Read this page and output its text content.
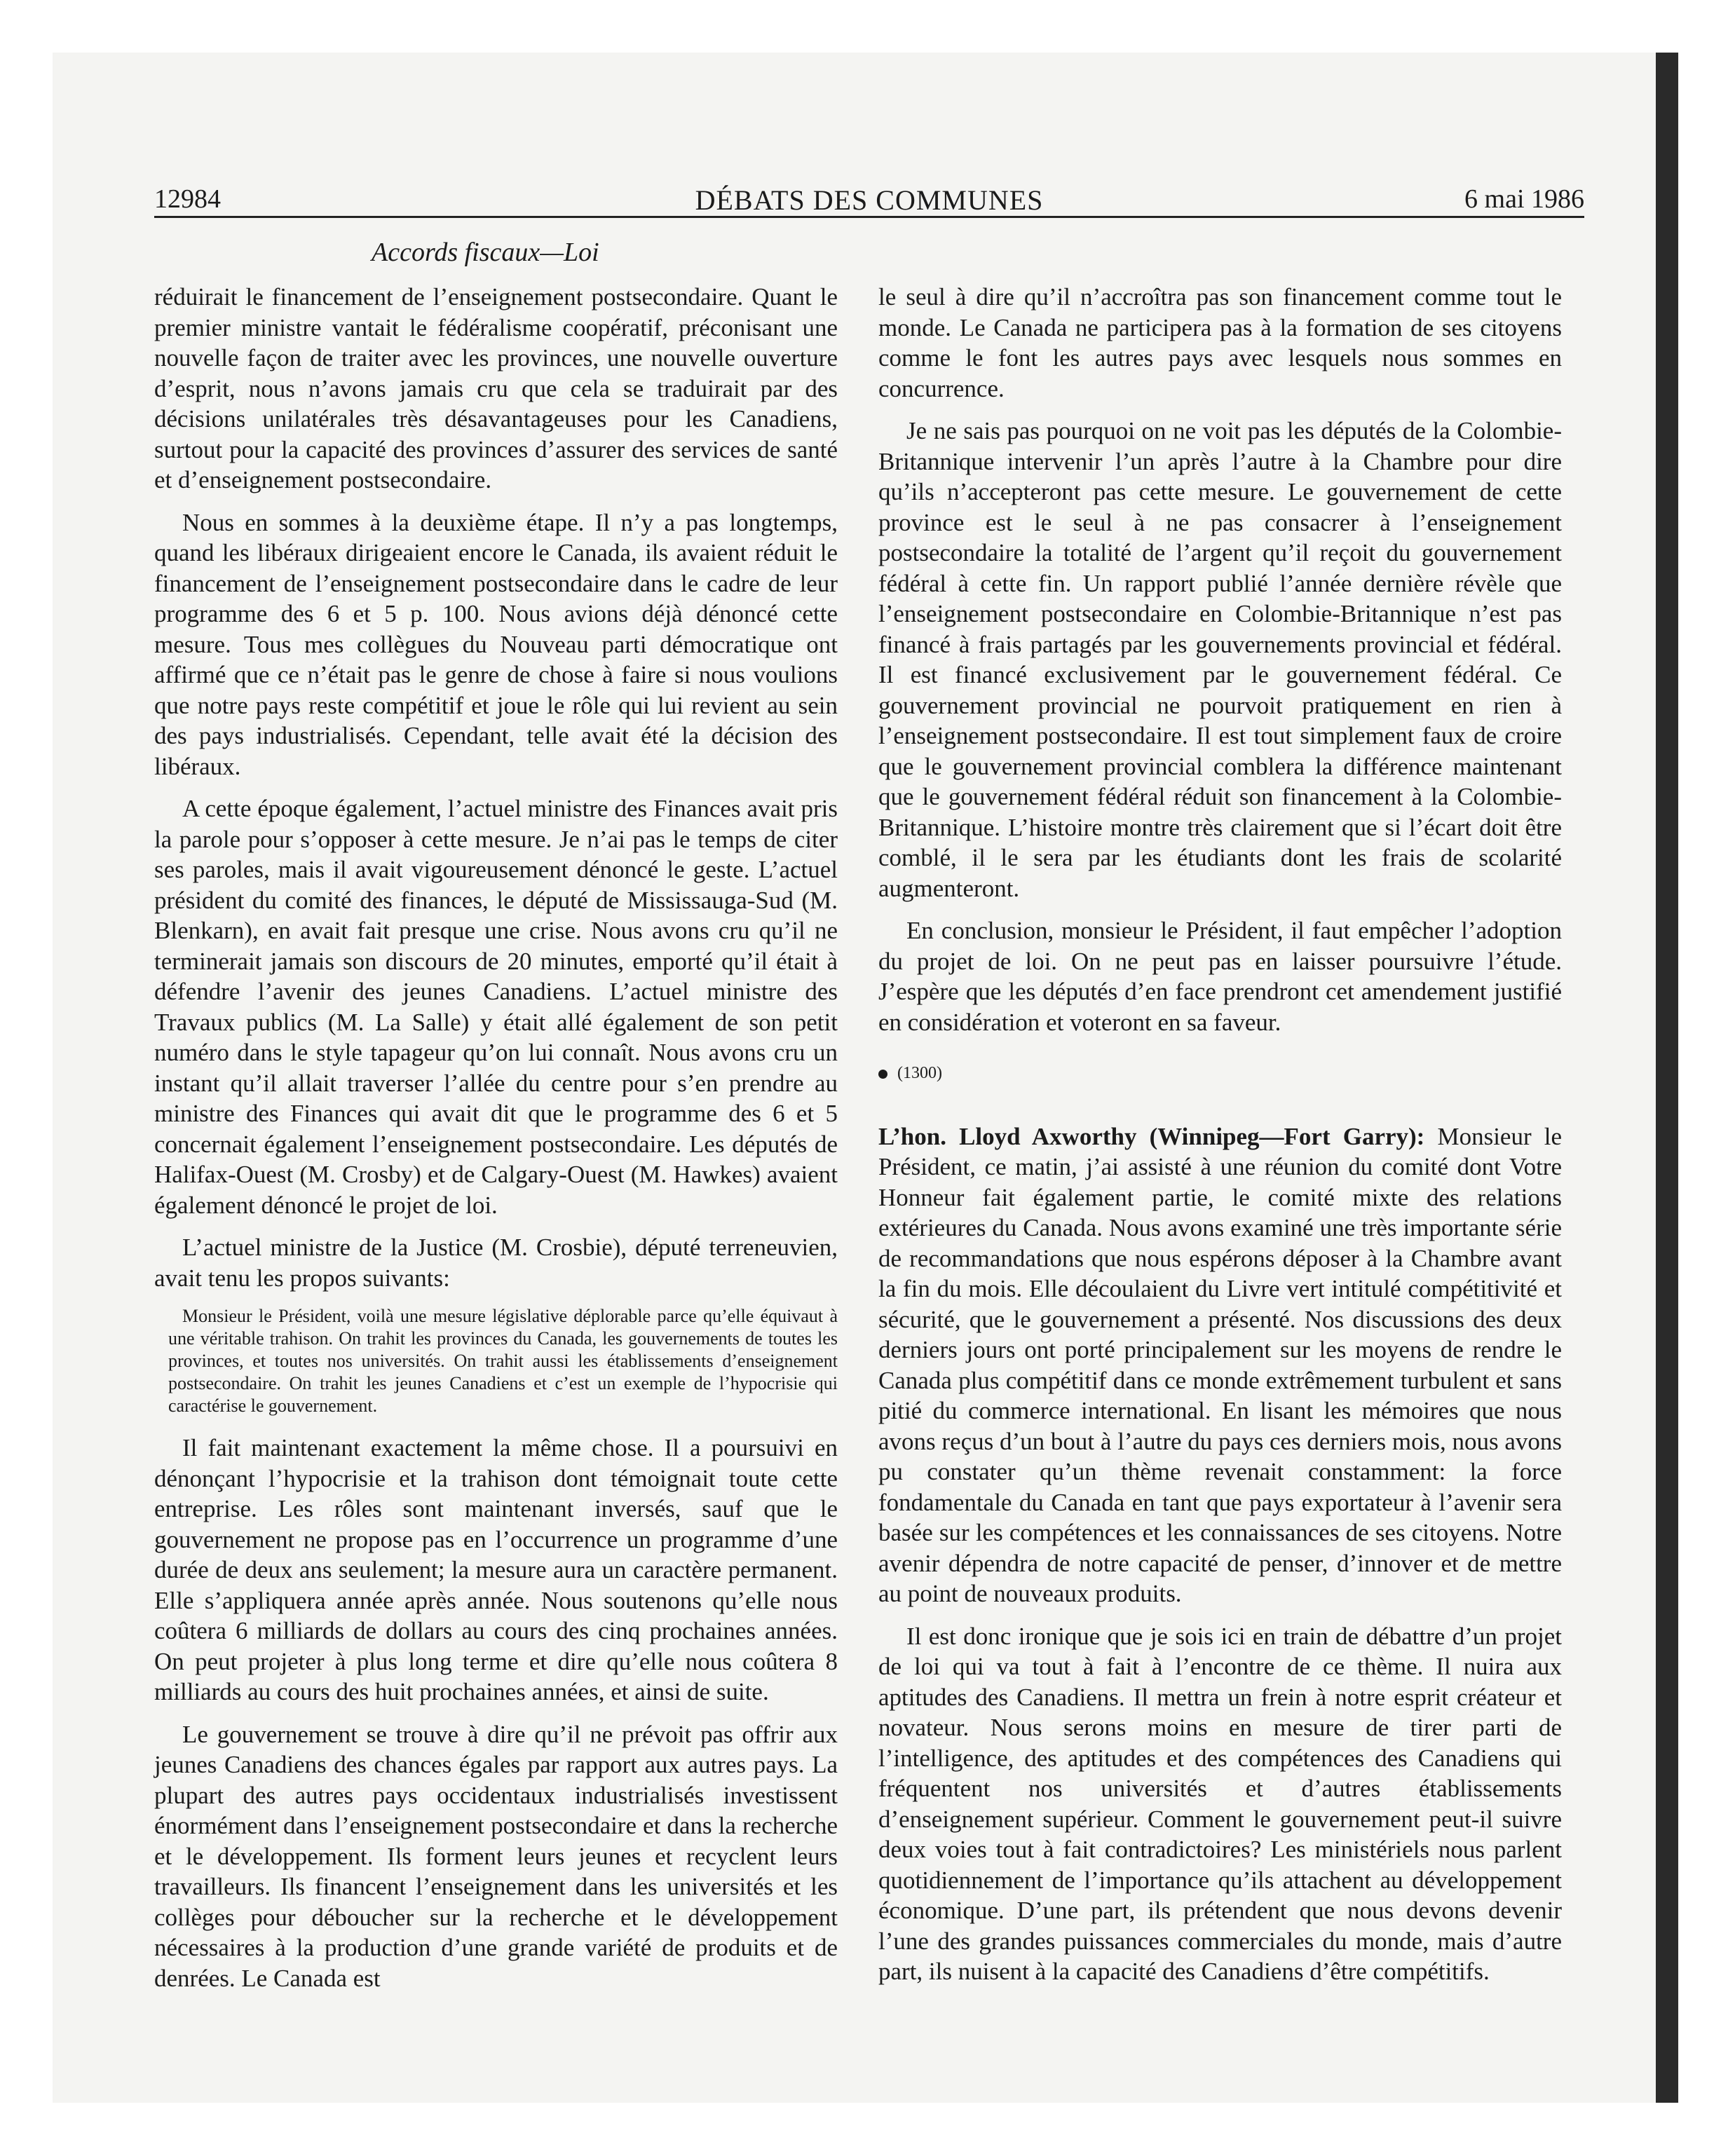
12984	DÉBATS DES COMMUNES	6 mai 1986
Accords fiscaux—Loi

réduirait le financement de l’enseignement postsecondaire. Quant le premier ministre vantait le fédéralisme coopératif, préconisant une nouvelle façon de traiter avec les provinces, une nouvelle ouverture d’esprit, nous n’avons jamais cru que cela se traduirait par des décisions unilatérales très désavantageuses pour les Canadiens, surtout pour la capacité des provinces d’assurer des services de santé et d’enseignement postsecondaire.

Nous en sommes à la deuxième étape. Il n’y a pas longtemps, quand les libéraux dirigeaient encore le Canada, ils avaient réduit le financement de l’enseignement postsecondaire dans le cadre de leur programme des 6 et 5 p. 100. Nous avions déjà dénoncé cette mesure. Tous mes collègues du Nouveau parti démocratique ont affirmé que ce n’était pas le genre de chose à faire si nous voulions que notre pays reste compétitif et joue le rôle qui lui revient au sein des pays industrialisés. Cependant, telle avait été la décision des libéraux.

A cette époque également, l’actuel ministre des Finances avait pris la parole pour s’opposer à cette mesure. Je n’ai pas le temps de citer ses paroles, mais il avait vigoureusement dénoncé le geste. L’actuel président du comité des finances, le député de Mississauga-Sud (M. Blenkarn), en avait fait presque une crise. Nous avons cru qu’il ne terminerait jamais son discours de 20 minutes, emporté qu’il était à défendre l’avenir des jeunes Canadiens. L’actuel ministre des Travaux publics (M. La Salle) y était allé également de son petit numéro dans le style tapageur qu’on lui connaît. Nous avons cru un instant qu’il allait traverser l’allée du centre pour s’en prendre au ministre des Finances qui avait dit que le programme des 6 et 5 concernait également l’enseignement postsecondaire. Les députés de Halifax-Ouest (M. Crosby) et de Calgary-Ouest (M. Hawkes) avaient également dénoncé le projet de loi.

L’actuel ministre de la Justice (M. Crosbie), député terreneuvien, avait tenu les propos suivants:

Monsieur le Président, voilà une mesure législative déplorable parce qu’elle équivaut à une véritable trahison. On trahit les provinces du Canada, les gouvernements de toutes les provinces, et toutes nos universités. On trahit aussi les établissements d’enseignement postsecondaire. On trahit les jeunes Canadiens et c’est un exemple de l’hypocrisie qui caractérise le gouvernement.

Il fait maintenant exactement la même chose. Il a poursuivi en dénonçant l’hypocrisie et la trahison dont témoignait toute cette entreprise. Les rôles sont maintenant inversés, sauf que le gouvernement ne propose pas en l’occurrence un programme d’une durée de deux ans seulement; la mesure aura un caractère permanent. Elle s’appliquera année après année. Nous soutenons qu’elle nous coûtera 6 milliards de dollars au cours des cinq prochaines années. On peut projeter à plus long terme et dire qu’elle nous coûtera 8 milliards au cours des huit prochaines années, et ainsi de suite.

Le gouvernement se trouve à dire qu’il ne prévoit pas offrir aux jeunes Canadiens des chances égales par rapport aux autres pays. La plupart des autres pays occidentaux industrialisés investissent énormément dans l’enseignement postsecondaire et dans la recherche et le développement. Ils forment leurs jeunes et recyclent leurs travailleurs. Ils financent l’enseignement dans les universités et les collèges pour déboucher sur la recherche et le développement nécessaires à la production d’une grande variété de produits et de denrées. Le Canada est

le seul à dire qu’il n’accroîtra pas son financement comme tout le monde. Le Canada ne participera pas à la formation de ses citoyens comme le font les autres pays avec lesquels nous sommes en concurrence.

Je ne sais pas pourquoi on ne voit pas les députés de la Colombie-Britannique intervenir l’un après l’autre à la Chambre pour dire qu’ils n’accepteront pas cette mesure. Le gouvernement de cette province est le seul à ne pas consacrer à l’enseignement postsecondaire la totalité de l’argent qu’il reçoit du gouvernement fédéral à cette fin. Un rapport publié l’année dernière révèle que l’enseignement postsecondaire en Colombie-Britannique n’est pas financé à frais partagés par les gouvernements provincial et fédéral. Il est financé exclusivement par le gouvernement fédéral. Ce gouvernement provincial ne pourvoit pratiquement en rien à l’enseignement postsecondaire. Il est tout simplement faux de croire que le gouvernement provincial comblera la différence maintenant que le gouvernement fédéral réduit son financement à la Colombie-Britannique. L’histoire montre très clairement que si l’écart doit être comblé, il le sera par les étudiants dont les frais de scolarité augmenteront.

En conclusion, monsieur le Président, il faut empêcher l’adoption du projet de loi. On ne peut pas en laisser poursuivre l’étude. J’espère que les députés d’en face prendront cet amendement justifié en considération et voteront en sa faveur.

(1300)

L’hon. Lloyd Axworthy (Winnipeg—Fort Garry): Monsieur le Président, ce matin, j’ai assisté à une réunion du comité dont Votre Honneur fait également partie, le comité mixte des relations extérieures du Canada. Nous avons examiné une très importante série de recommandations que nous espérons déposer à la Chambre avant la fin du mois. Elle découlaient du Livre vert intitulé compétitivité et sécurité, que le gouvernement a présenté. Nos discussions des deux derniers jours ont porté principalement sur les moyens de rendre le Canada plus compétitif dans ce monde extrêmement turbulent et sans pitié du commerce international. En lisant les mémoires que nous avons reçus d’un bout à l’autre du pays ces derniers mois, nous avons pu constater qu’un thème revenait constamment: la force fondamentale du Canada en tant que pays exportateur à l’avenir sera basée sur les compétences et les connaissances de ses citoyens. Notre avenir dépendra de notre capacité de penser, d’innover et de mettre au point de nouveaux produits.

Il est donc ironique que je sois ici en train de débattre d’un projet de loi qui va tout à fait à l’encontre de ce thème. Il nuira aux aptitudes des Canadiens. Il mettra un frein à notre esprit créateur et novateur. Nous serons moins en mesure de tirer parti de l’intelligence, des aptitudes et des compétences des Canadiens qui fréquentent nos universités et d’autres établissements d’enseignement supérieur. Comment le gouvernement peut-il suivre deux voies tout à fait contradictoires? Les ministériels nous parlent quotidiennement de l’importance qu’ils attachent au développement économique. D’une part, ils prétendent que nous devons devenir l’une des grandes puissances commerciales du monde, mais d’autre part, ils nuisent à la capacité des Canadiens d’être compétitifs.
